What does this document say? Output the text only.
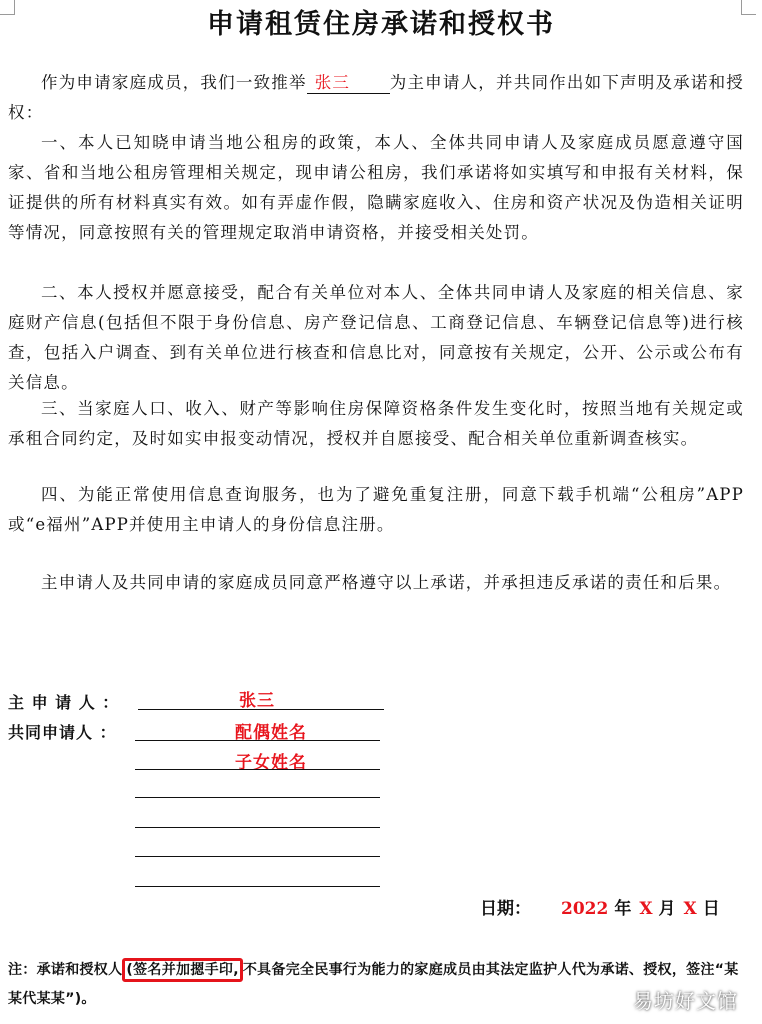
申请租赁住房承诺和授权书

作为申请家庭成员，我们一致推举 张三 为主申请人，并共同作出如下声明及承诺和授权：

一、本人已知晓申请当地公租房的政策，本人、全体共同申请人及家庭成员愿意遵守国家、省和当地公租房管理相关规定，现申请公租房，我们承诺将如实填写和申报有关材料，保证提供的所有材料真实有效。如有弄虚作假，隐瞒家庭收入、住房和资产状况及伪造相关证明等情况，同意按照有关的管理规定取消申请资格，并接受相关处罚。

二、本人授权并愿意接受，配合有关单位对本人、全体共同申请人及家庭的相关信息、家庭财产信息(包括但不限于身份信息、房产登记信息、工商登记信息、车辆登记信息等)进行核查，包括入户调查、到有关单位进行核查和信息比对，同意按有关规定，公开、公示或公布有关信息。

三、当家庭人口、收入、财产等影响住房保障资格条件发生变化时，按照当地有关规定或承租合同约定，及时如实申报变动情况，授权并自愿接受、配合相关单位重新调查核实。

四、为能正常使用信息查询服务，也为了避免重复注册，同意下载手机端“公租房”APP或“e福州”APP并使用主申请人的身份信息注册。

主申请人及共同申请的家庭成员同意严格遵守以上承诺，并承担违反承诺的责任和后果。

主 申 请 人 ：	张三
共同申请人 ：	配偶姓名
子女姓名
日期： 2022 年 X 月 X 日

注：承诺和授权人 (签名并加摁手印, 不具备完全民事行为能力的家庭成员由其法定监护人代为承诺、授权，签注“某某代某某”)。	易坊好文馆
